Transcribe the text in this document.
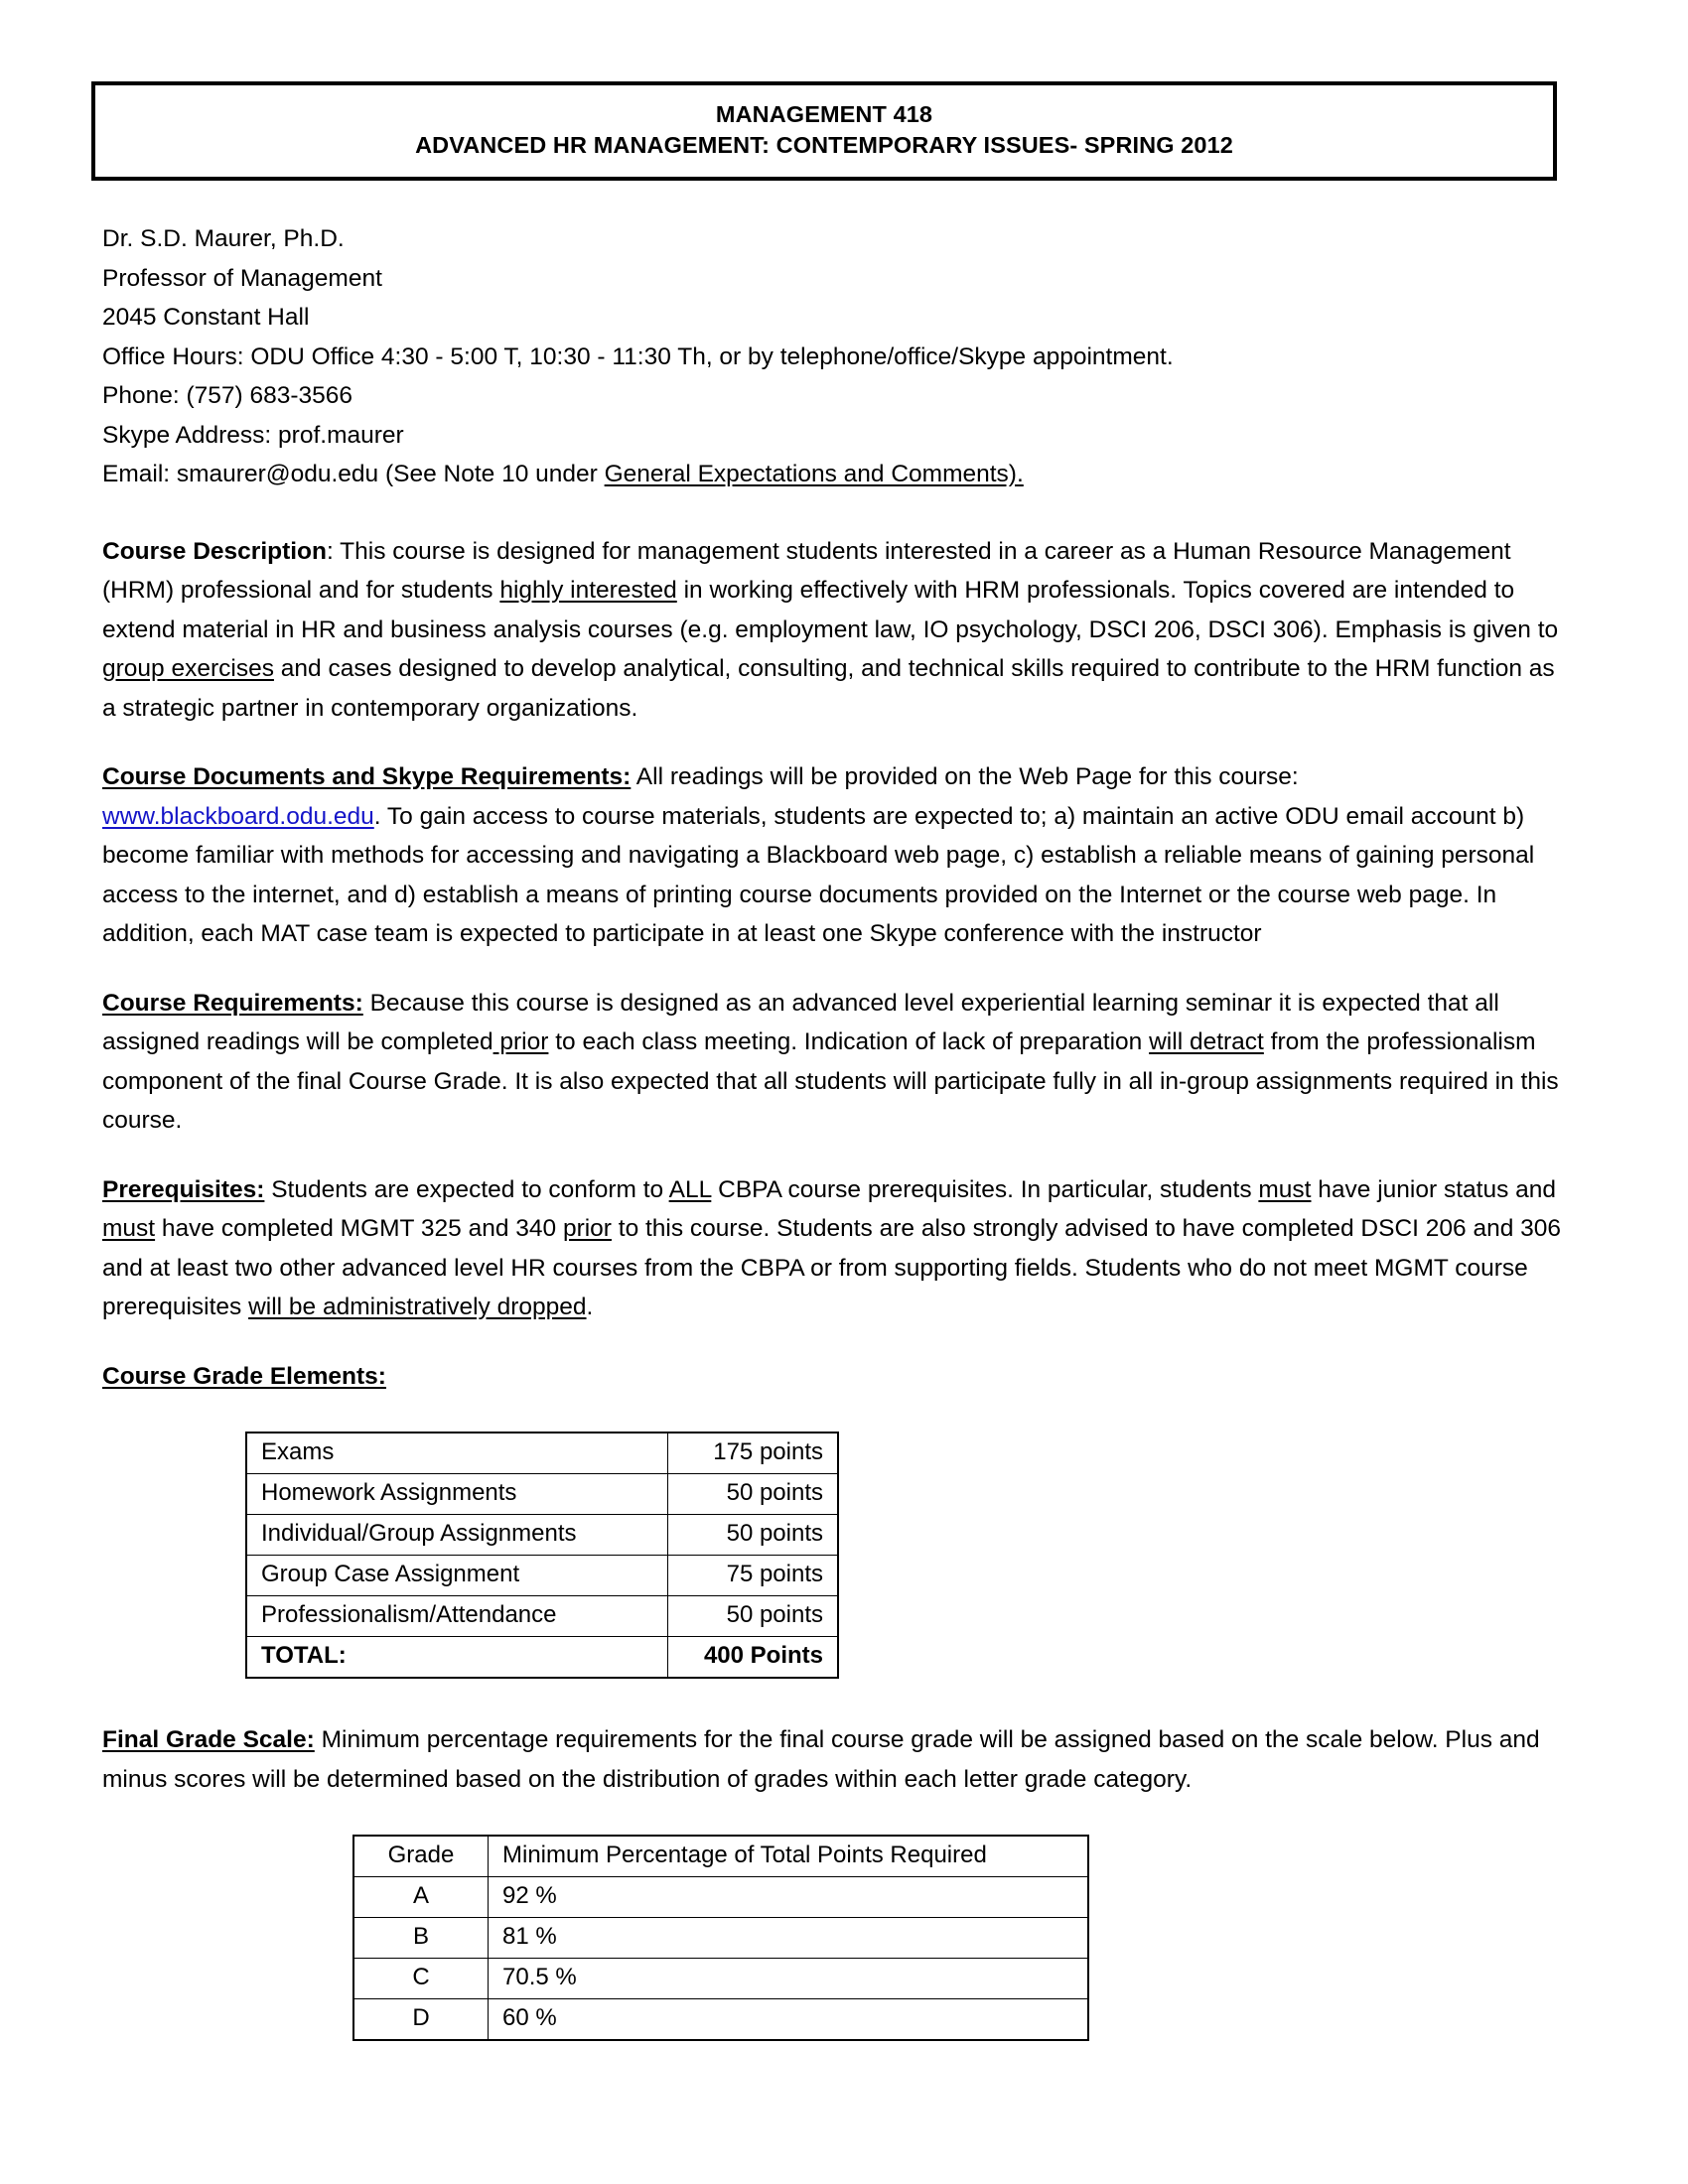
MANAGEMENT 418
ADVANCED HR MANAGEMENT: CONTEMPORARY ISSUES- SPRING 2012
Dr. S.D. Maurer, Ph.D.
Professor of Management
2045 Constant Hall
Office Hours: ODU Office 4:30 - 5:00 T, 10:30 - 11:30 Th, or by telephone/office/Skype appointment.
Phone: (757) 683-3566
Skype Address: prof.maurer
Email: smaurer@odu.edu (See Note 10 under General Expectations and Comments).

Course Description: This course is designed for management students interested in a career as a Human Resource Management (HRM) professional and for students highly interested in working effectively with HRM professionals. Topics covered are intended to extend material in HR and business analysis courses (e.g. employment law, IO psychology, DSCI 206, DSCI 306). Emphasis is given to group exercises and cases designed to develop analytical, consulting, and technical skills required to contribute to the HRM function as a strategic partner in contemporary organizations.

Course Documents and Skype Requirements: All readings will be provided on the Web Page for this course: www.blackboard.odu.edu. To gain access to course materials, students are expected to; a) maintain an active ODU email account b) become familiar with methods for accessing and navigating a Blackboard web page, c) establish a reliable means of gaining personal access to the internet, and d) establish a means of printing course documents provided on the Internet or the course web page. In addition, each MAT case team is expected to participate in at least one Skype conference with the instructor

Course Requirements: Because this course is designed as an advanced level experiential learning seminar it is expected that all assigned readings will be completed prior to each class meeting. Indication of lack of preparation will detract from the professionalism component of the final Course Grade. It is also expected that all students will participate fully in all in-group assignments required in this course.

Prerequisites: Students are expected to conform to ALL CBPA course prerequisites. In particular, students must have junior status and must have completed MGMT 325 and 340 prior to this course. Students are also strongly advised to have completed DSCI 206 and 306 and at least two other advanced level HR courses from the CBPA or from supporting fields. Students who do not meet MGMT course prerequisites will be administratively dropped.

Course Grade Elements:

Exams	175 points
Homework Assignments	50 points
Individual/Group Assignments	50 points
Group Case Assignment	75 points
Professionalism/Attendance	50 points
TOTAL:	400 Points

Final Grade Scale: Minimum percentage requirements for the final course grade will be assigned based on the scale below. Plus and minus scores will be determined based on the distribution of grades within each letter grade category.

Grade	Minimum Percentage of Total Points Required
A	92 %
B	81 %
C	70.5 %
D	60 %
